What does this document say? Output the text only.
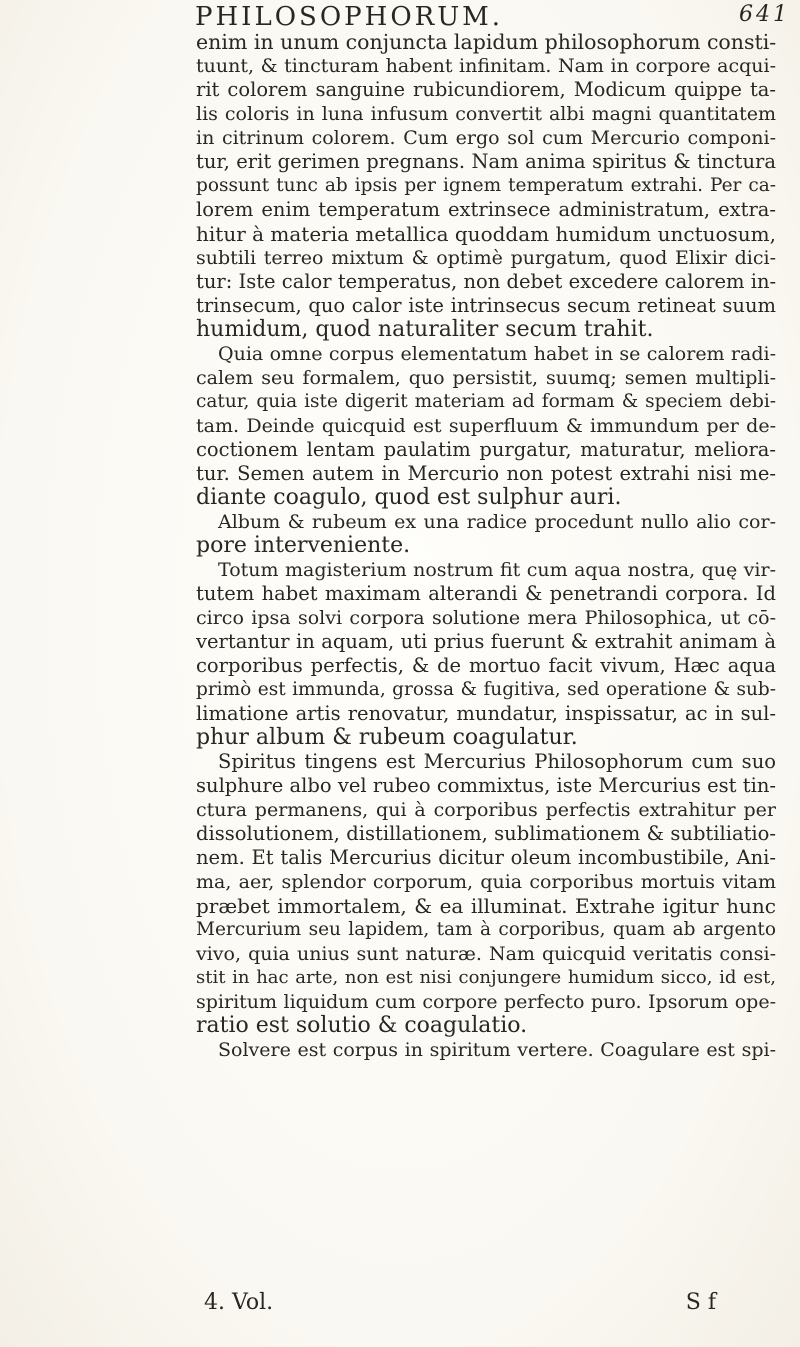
PHILOSOPHORUM.	641
enim in unum conjuncta lapidum philosophorum consti-
tuunt, & tincturam habent infinitam. Nam in corpore acqui-
rit colorem sanguine rubicundiorem, Modicum quippe ta-
lis coloris in luna infusum convertit albi magni quantitatem
in citrinum colorem. Cum ergo sol cum Mercurio componi-
tur, erit gerimen pregnans. Nam anima spiritus & tinctura
possunt tunc ab ipsis per ignem temperatum extrahi. Per ca-
lorem enim temperatum extrinsece administratum, extra-
hitur à materia metallica quoddam humidum unctuosum,
subtili terreo mixtum & optimè purgatum, quod Elixir dici-
tur: Iste calor temperatus, non debet excedere calorem in-
trinsecum, quo calor iste intrinsecus secum retineat suum
humidum, quod naturaliter secum trahit.
Quia omne corpus elementatum habet in se calorem radi-
calem seu formalem, quo persistit, suumq; semen multipli-
catur, quia iste digerit materiam ad formam & speciem debi-
tam. Deinde quicquid est superfluum & immundum per de-
coctionem lentam paulatim purgatur, maturatur, meliora-
tur. Semen autem in Mercurio non potest extrahi nisi me-
diante coagulo, quod est sulphur auri.
Album & rubeum ex una radice procedunt nullo alio cor-
pore interveniente.
Totum magisterium nostrum fit cum aqua nostra, quę vir-
tutem habet maximam alterandi & penetrandi corpora. Id
circo ipsa solvi corpora solutione mera Philosophica, ut cō-
vertantur in aquam, uti prius fuerunt & extrahit animam à
corporibus perfectis, & de mortuo facit vivum, Hæc aqua
primò est immunda, grossa & fugitiva, sed operatione & sub-
limatione artis renovatur, mundatur, inspissatur, ac in sul-
phur album & rubeum coagulatur.
Spiritus tingens est Mercurius Philosophorum cum suo
sulphure albo vel rubeo commixtus, iste Mercurius est tin-
ctura permanens, qui à corporibus perfectis extrahitur per
dissolutionem, distillationem, sublimationem & subtiliatio-
nem. Et talis Mercurius dicitur oleum incombustibile, Ani-
ma, aer, splendor corporum, quia corporibus mortuis vitam
præbet immortalem, & ea illuminat. Extrahe igitur hunc
Mercurium seu lapidem, tam à corporibus, quam ab argento
vivo, quia unius sunt naturæ. Nam quicquid veritatis consi-
stit in hac arte, non est nisi conjungere humidum sicco, id est,
spiritum liquidum cum corpore perfecto puro. Ipsorum ope-
ratio est solutio & coagulatio.
Solvere est corpus in spiritum vertere. Coagulare est spi-
4. Vol.	S f
